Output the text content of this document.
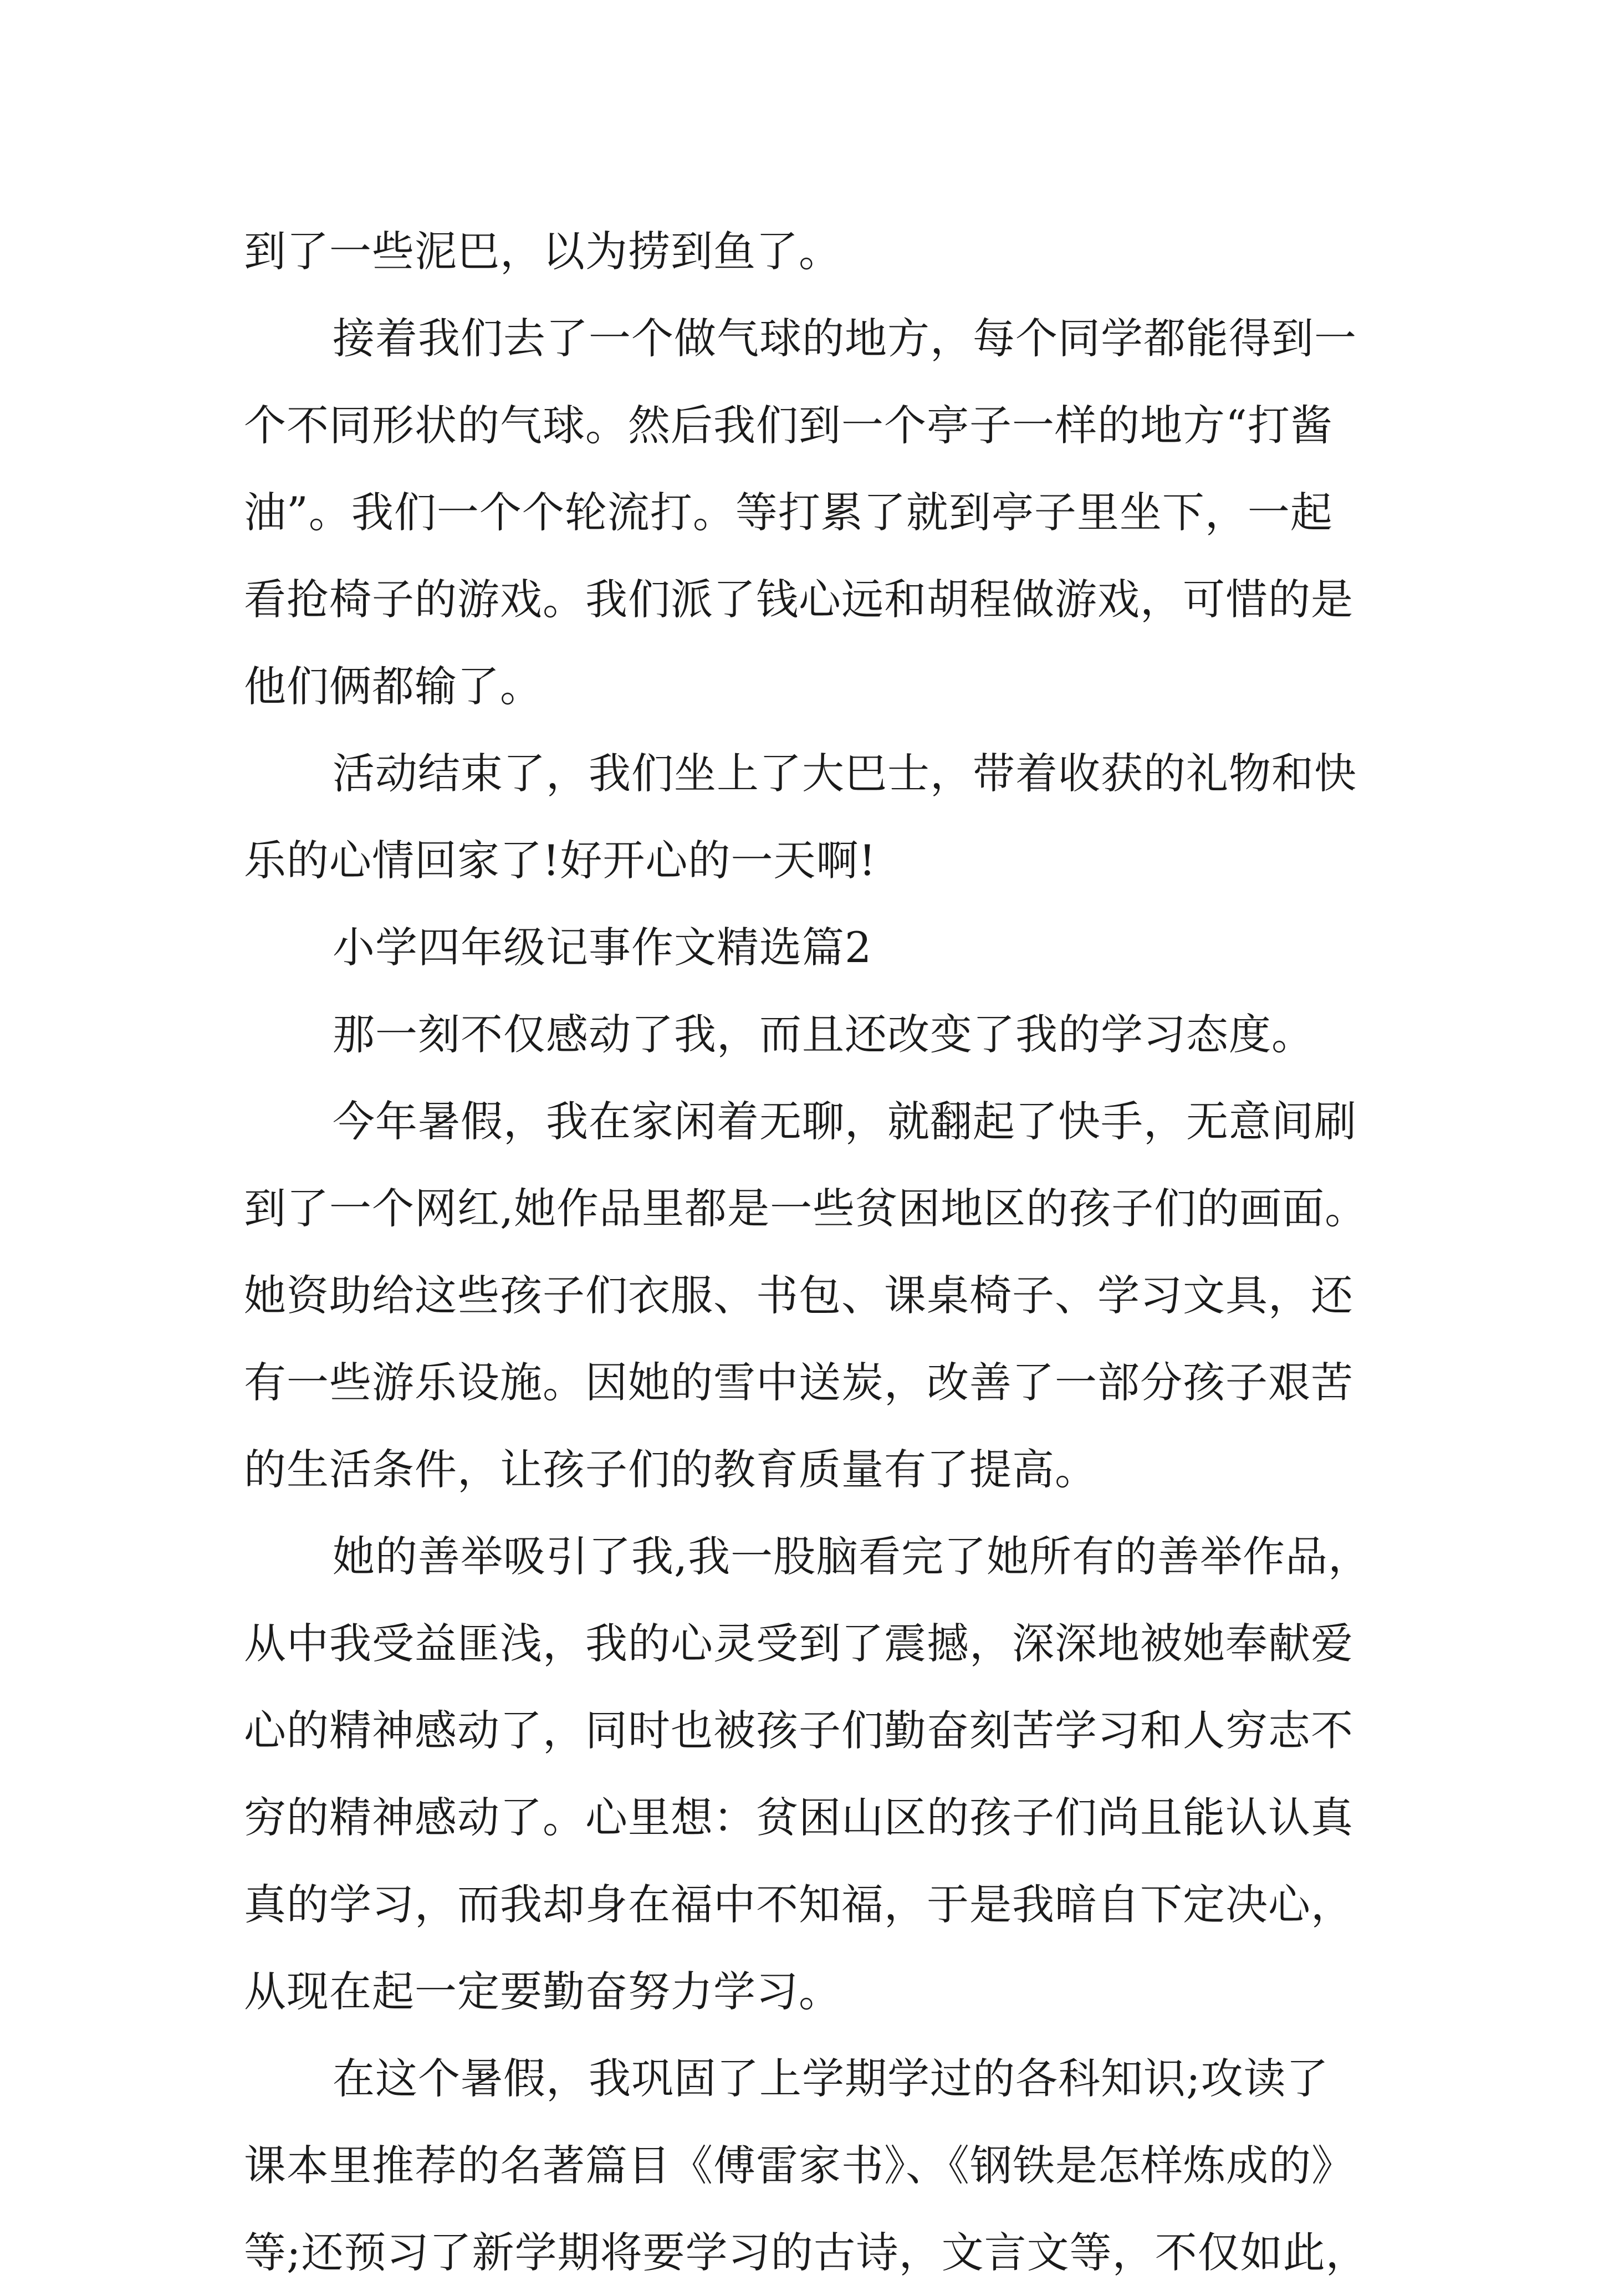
到了一些泥巴，以为捞到鱼了。
接着我们去了一个做气球的地方，每个同学都能得到一
个不同形状的气球。然后我们到一个亭子一样的地方“打酱
油”。我们一个个轮流打。等打累了就到亭子里坐下，一起
看抢椅子的游戏。我们派了钱心远和胡程做游戏，可惜的是
他们俩都输了。
活动结束了，我们坐上了大巴士，带着收获的礼物和快
乐的心情回家了!好开心的一天啊!
小学四年级记事作文精选篇2
那一刻不仅感动了我，而且还改变了我的学习态度。
今年暑假，我在家闲着无聊，就翻起了快手，无意间刷
到了一个网红,她作品里都是一些贫困地区的孩子们的画面。
她资助给这些孩子们衣服、书包、课桌椅子、学习文具，还
有一些游乐设施。因她的雪中送炭，改善了一部分孩子艰苦
的生活条件，让孩子们的教育质量有了提高。
她的善举吸引了我,我一股脑看完了她所有的善举作品，
从中我受益匪浅，我的心灵受到了震撼，深深地被她奉献爱
心的精神感动了，同时也被孩子们勤奋刻苦学习和人穷志不
穷的精神感动了。心里想：贫困山区的孩子们尚且能认认真
真的学习，而我却身在福中不知福，于是我暗自下定决心，
从现在起一定要勤奋努力学习。
在这个暑假，我巩固了上学期学过的各科知识;攻读了
课本里推荐的名著篇目《傅雷家书》、《钢铁是怎样炼成的》
等;还预习了新学期将要学习的古诗，文言文等，不仅如此，
